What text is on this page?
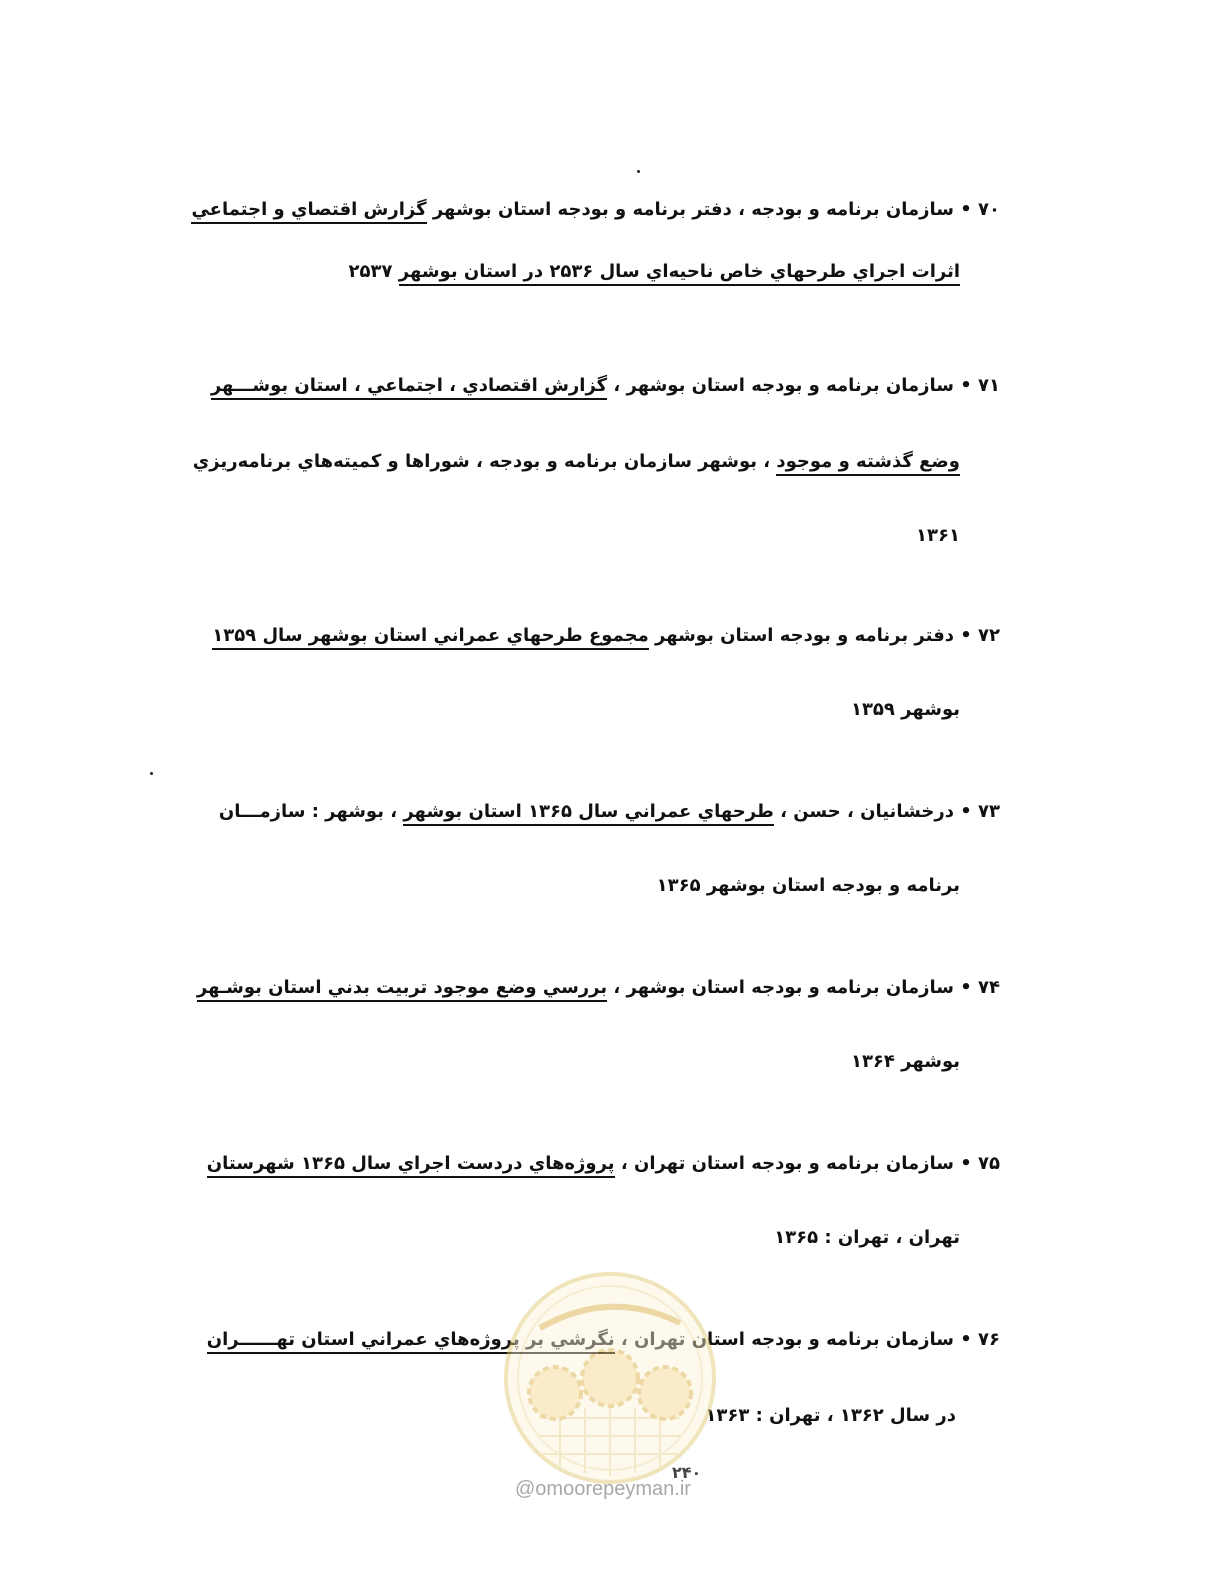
۷۰ • سازمان برنامه و بودجه ، دفتر برنامه و بودجه استان بوشهر گزارش اقتصاي و اجتماعي
اثرات اجراي طرحهاي خاص ناحيه‌اي سال ۲۵۳۶ در استان بوشهر ۲۵۳۷
۷۱ • سازمان برنامه و بودجه استان بوشهر ، گزارش اقتصادي ، اجتماعي ، استان بوشـــهر
وضع گذشته و موجود ، بوشهر سازمان برنامه و بودجه ، شوراها و کميته‌هاي برنامه‌ريزي
۱۳۶۱
۷۲ • دفتر برنامه و بودجه استان بوشهر مجموع طرحهاي عمراني استان بوشهر سال ۱۳۵۹
بوشهر ۱۳۵۹
۷۳ • درخشانيان ، حسن ، طرحهاي عمراني سال ۱۳۶۵ استان بوشهر ، بوشهر : سازمـــان
برنامه و بودجه استان بوشهر ۱۳۶۵
۷۴ • سازمان برنامه و بودجه استان بوشهر ، بررسي وضع موجود تربيت بدني استان بوشـهر
بوشهر ۱۳۶۴
۷۵ • سازمان برنامه و بودجه استان تهران ، پروژه‌هاي دردست اجراي سال ۱۳۶۵ شهرستان
تهران ، تهران : ۱۳۶۵
۷۶ • سازمان برنامه و بودجه استان تهران ، نگرشي بر پروژه‌هاي عمراني استان تهــــــران
در سال ۱۳۶۲ ، تهران : ۱۳۶۳
۲۴۰
@omoorepeyman.ir
